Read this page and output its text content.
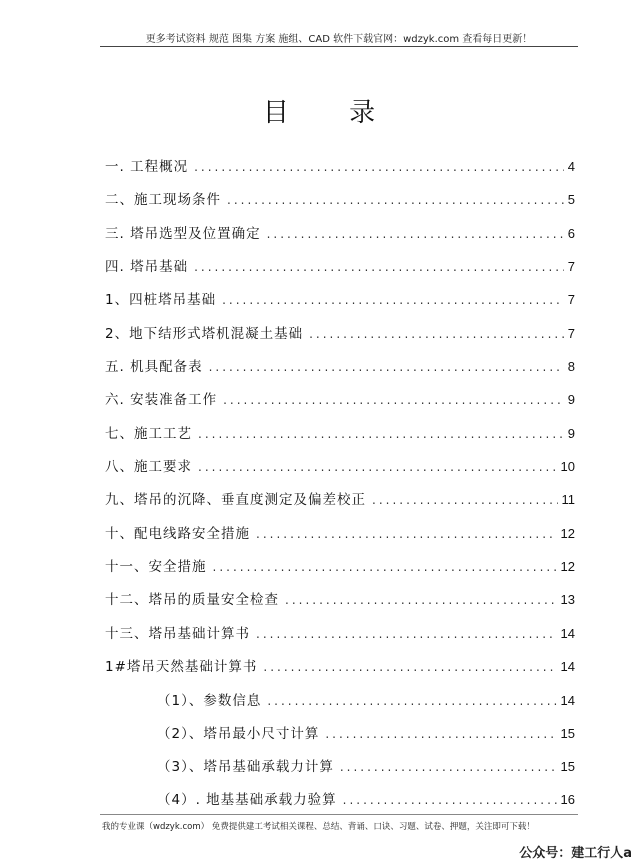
更多考试资料 规范 图集 方案 施组、CAD 软件下载官网：wdzyk.com 查看每日更新！
目 录
一. 工程概况 .....	4
二、施工现场条件 .....	5
三. 塔吊选型及位置确定 .....	6
四. 塔吊基础 .....	7
1、四桩塔吊基础 .....	7
2、地下结形式塔机混凝土基础 .....	7
五. 机具配备表 .....	8
六. 安装准备工作 .....	9
七、施工工艺 .....	9
八、施工要求 .....	10
九、塔吊的沉降、垂直度测定及偏差校正 .....	11
十、配电线路安全措施 .....	12
十一、安全措施 .....	12
十二、塔吊的质量安全检查 .....	13
十三、塔吊基础计算书 .....	14
1#塔吊天然基础计算书 .....	14
（1）、参数信息 .....	14
（2）、塔吊最小尺寸计算 .....	15
（3）、塔吊基础承载力计算 .....	15
（4）. 地基基础承载力验算 .....	16
我的专业课（wdzyk.com） 免费提供建工考试相关课程、总结、背诵、口诀、习题、试卷、押题，关注即可下载！
公众号：建工行人a
